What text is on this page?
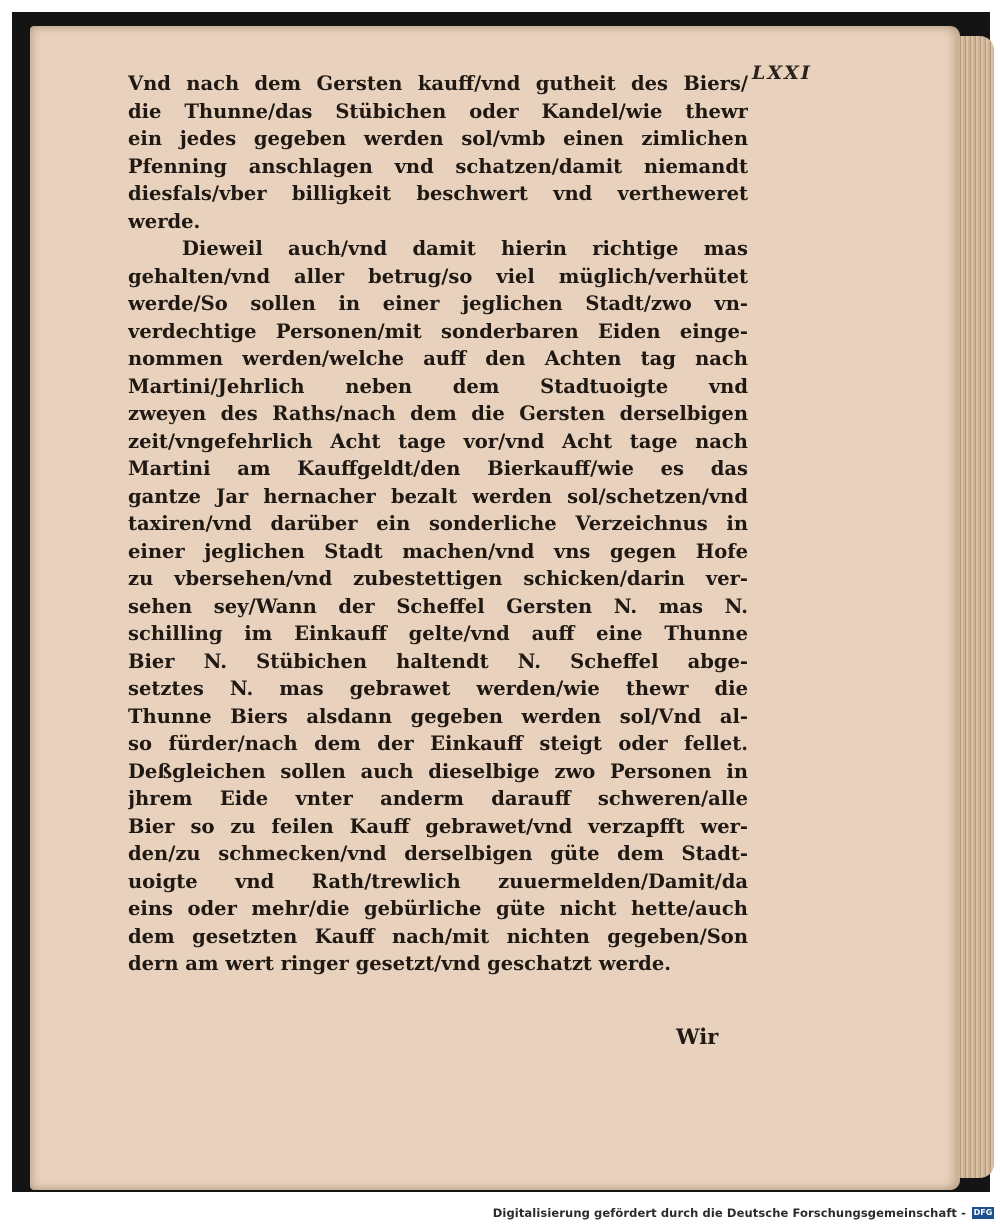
LXXI
Vnd nach dem Gersten kauff/vnd gutheit des Biers/
die Thunne/das Stübichen oder Kandel/wie thewr
ein jedes gegeben werden sol/vmb einen zimlichen
Pfenning anschlagen vnd schatzen/damit niemandt
diesfals/vber billigkeit beschwert vnd vertheweret
werde.
Dieweil auch/vnd damit hierin richtige mas
gehalten/vnd aller betrug/so viel müglich/verhütet
werde/So sollen in einer jeglichen Stadt/zwo vn-
verdechtige Personen/mit sonderbaren Eiden einge-
nommen werden/welche auff den Achten tag nach
Martini/Jehrlich neben dem Stadtuoigte vnd
zweyen des Raths/nach dem die Gersten derselbigen
zeit/vngefehrlich Acht tage vor/vnd Acht tage nach
Martini am Kauffgeldt/den Bierkauff/wie es das
gantze Jar hernacher bezalt werden sol/schetzen/vnd
taxiren/vnd darüber ein sonderliche Verzeichnus in
einer jeglichen Stadt machen/vnd vns gegen Hofe
zu vbersehen/vnd zubestettigen schicken/darin ver-
sehen sey/Wann der Scheffel Gersten N. mas N.
schilling im Einkauff gelte/vnd auff eine Thunne
Bier N. Stübichen haltendt N. Scheffel abge-
setztes N. mas gebrawet werden/wie thewr die
Thunne Biers alsdann gegeben werden sol/Vnd al-
so fürder/nach dem der Einkauff steigt oder fellet.
Deßgleichen sollen auch dieselbige zwo Personen in
jhrem Eide vnter anderm darauff schweren/alle
Bier so zu feilen Kauff gebrawet/vnd verzapfft wer-
den/zu schmecken/vnd derselbigen güte dem Stadt-
uoigte vnd Rath/trewlich zuuermelden/Damit/da
eins oder mehr/die gebürliche güte nicht hette/auch
dem gesetzten Kauff nach/mit nichten gegeben/Son
dern am wert ringer gesetzt/vnd geschatzt werde.
Wir
Digitalisierung gefördert durch die Deutsche Forschungsgemeinschaft - DFG
